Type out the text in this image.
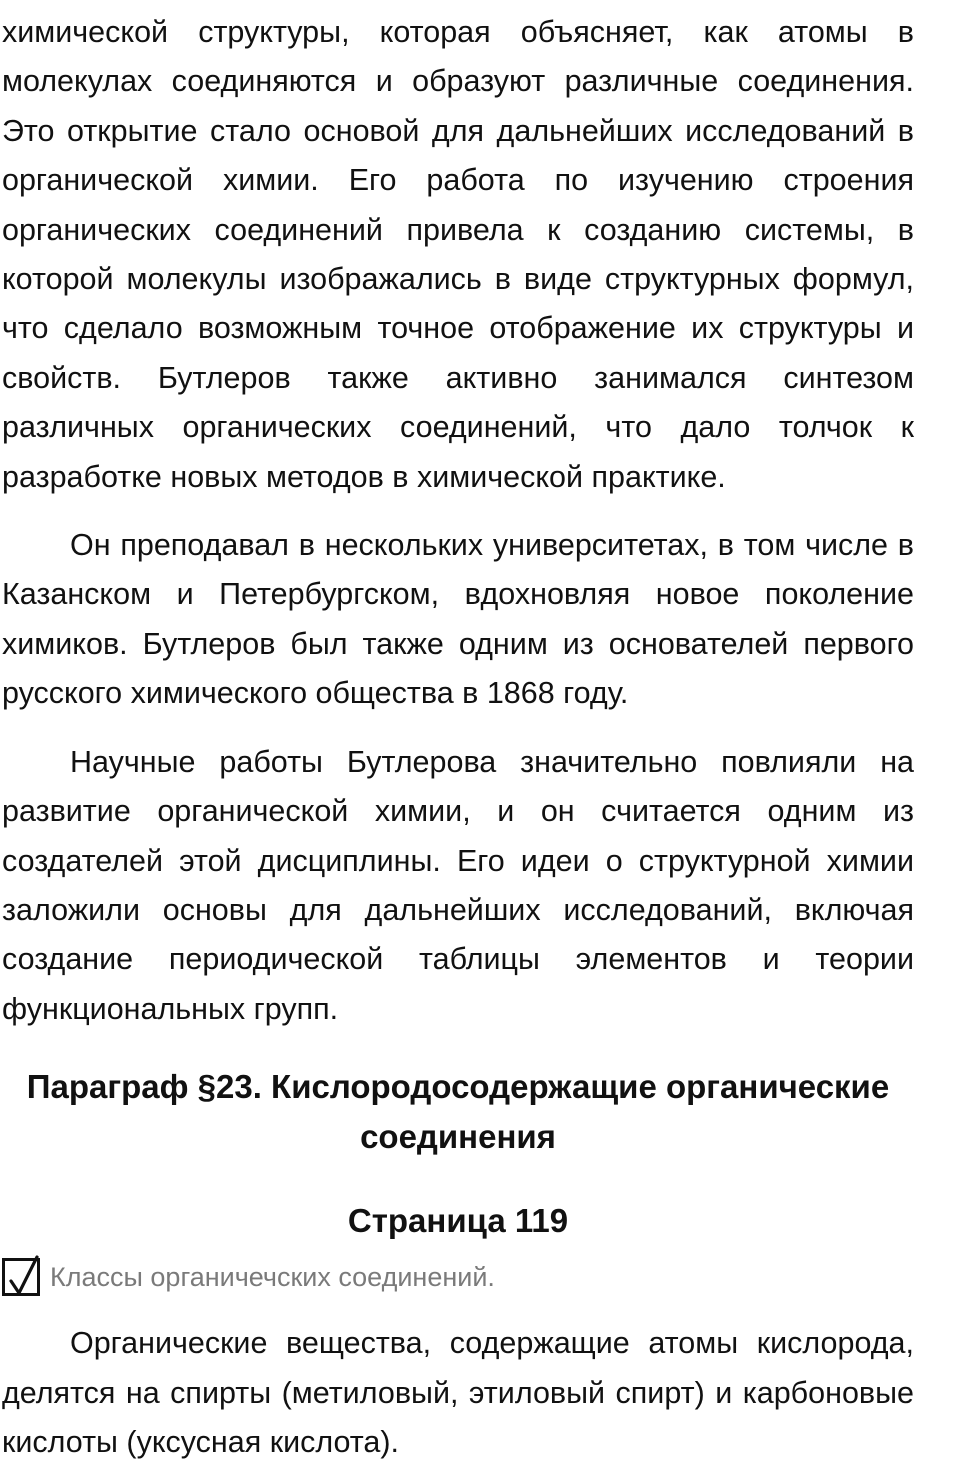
химической структуры, которая объясняет, как атомы в молекулах соединяются и образуют различные соединения. Это открытие стало основой для дальнейших исследований в органической химии. Его работа по изучению строения органических соединений привела к созданию системы, в которой молекулы изображались в виде структурных формул, что сделало возможным точное отображение их структуры и свойств. Бутлеров также активно занимался синтезом различных органических соединений, что дало толчок к разработке новых методов в химической практике.

Он преподавал в нескольких университетах, в том числе в Казанском и Петербургском, вдохновляя новое поколение химиков. Бутлеров был также одним из основателей первого русского химического общества в 1868 году.

Научные работы Бутлерова значительно повлияли на развитие органической химии, и он считается одним из создателей этой дисциплины. Его идеи о структурной химии заложили основы для дальнейших исследований, включая создание периодической таблицы элементов и теории функциональных групп.

Параграф §23. Кислородосодержащие органические соединения
Страница 119
Классы органичечских соединений.

Органические вещества, содержащие атомы кислорода, делятся на спирты (метиловый, этиловый спирт) и карбоновые кислоты (уксусная кислота).
